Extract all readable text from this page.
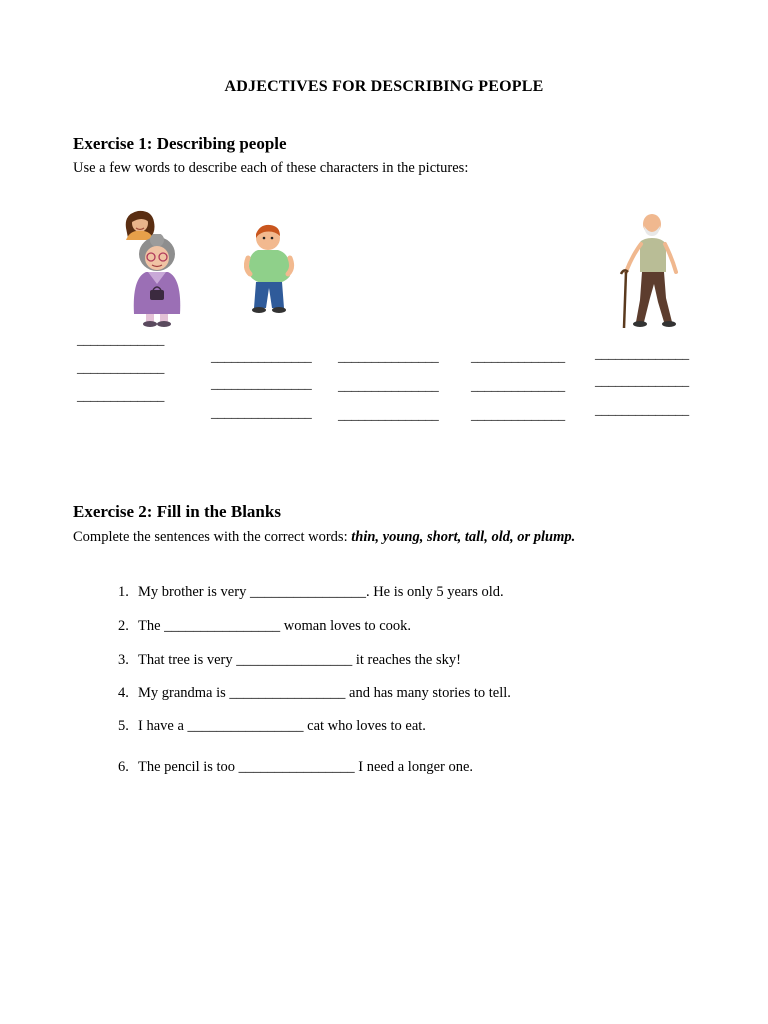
ADJECTIVES FOR DESCRIBING PEOPLE
Exercise 1: Describing people
Use a few words to describe each of these characters in the pictures:
_____________
_____________
_____________
_______________
_______________
_______________
_______________
_______________
_______________
______________
______________
______________
______________
______________
______________
Exercise 2: Fill in the Blanks
Complete the sentences with the correct words: thin, young, short, tall, old, or plump.
1. My brother is very ________________. He is only 5 years old.
2. The ________________ woman loves to cook.
3. That tree is very ________________ it reaches the sky!
4. My grandma is ________________ and has many stories to tell.
5. I have a ________________ cat who loves to eat.
6. The pencil is too ________________ I need a longer one.
